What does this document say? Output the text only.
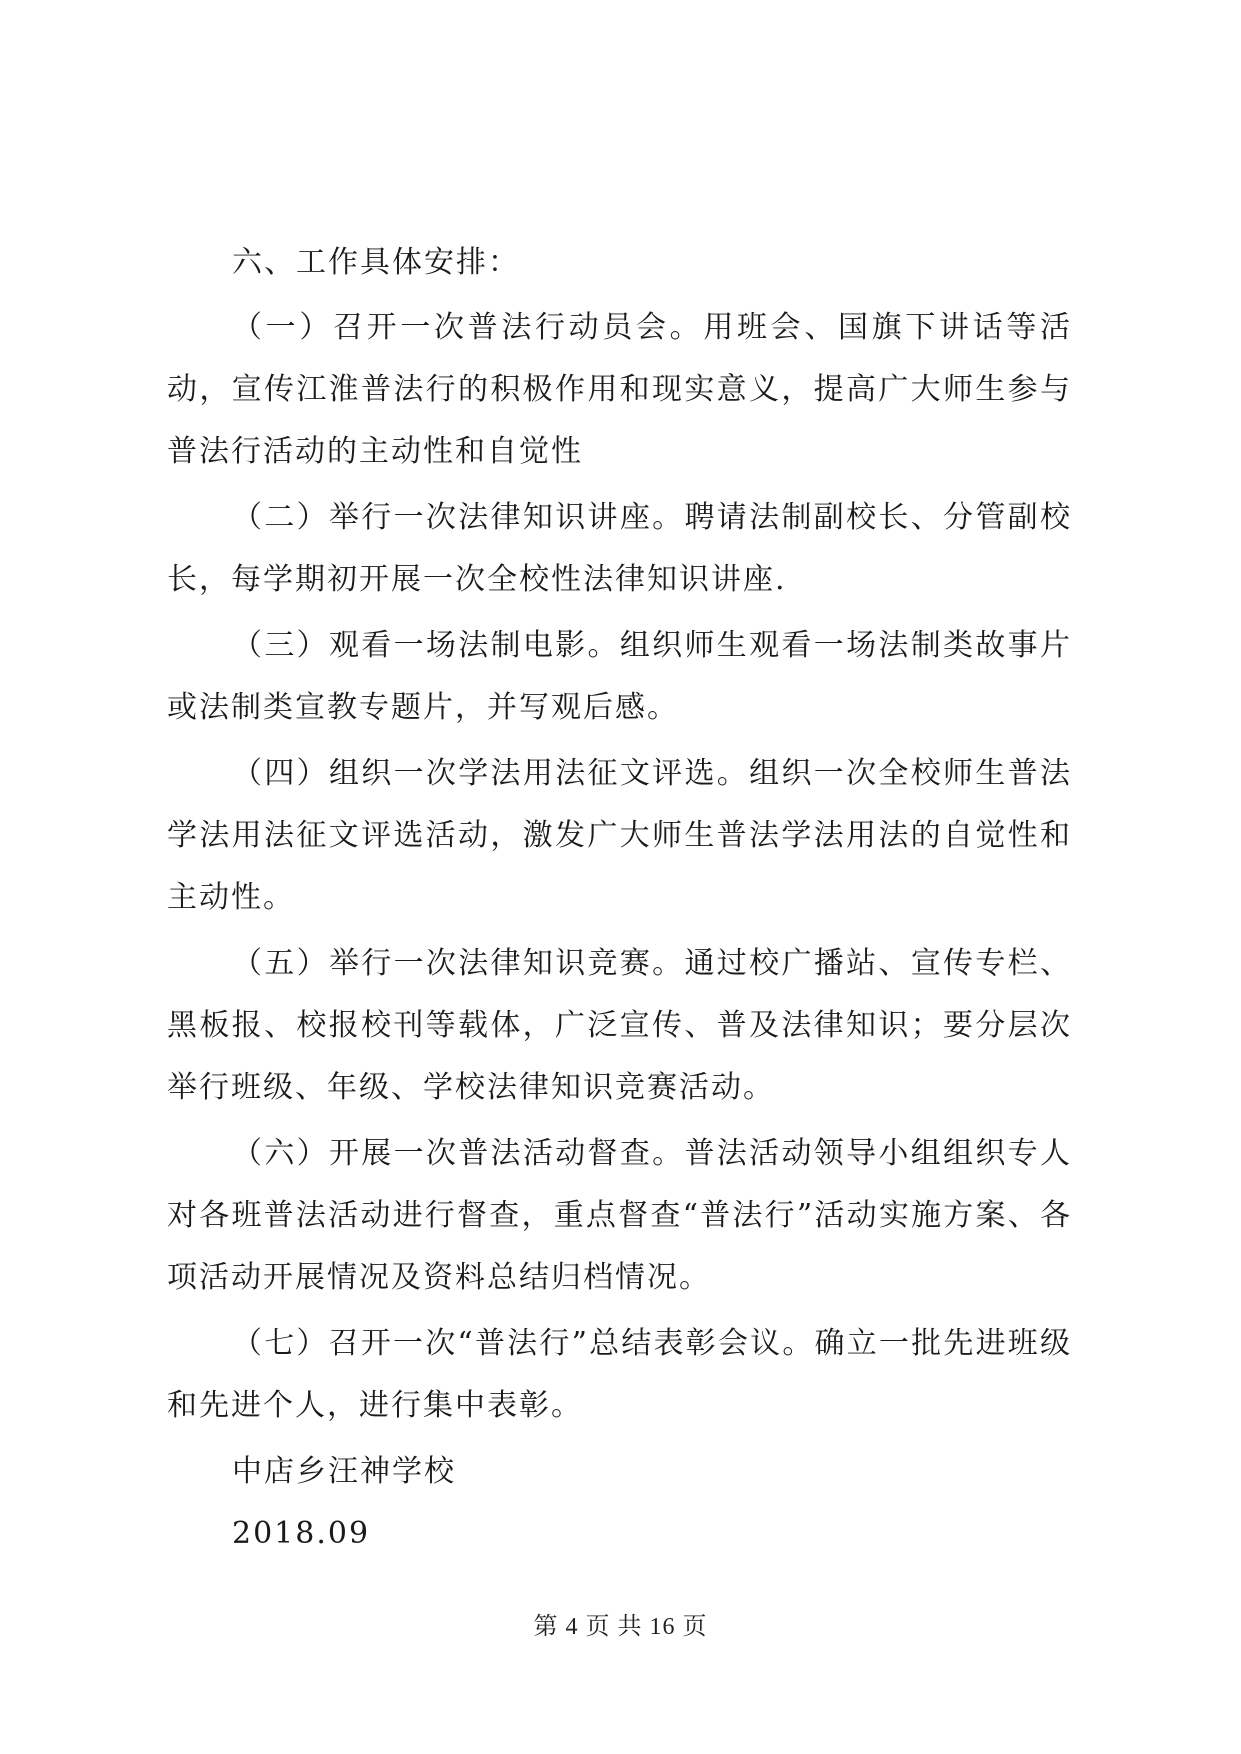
六、工作具体安排：

（一）召开一次普法行动员会。用班会、国旗下讲话等活动，宣传江淮普法行的积极作用和现实意义，提高广大师生参与普法行活动的主动性和自觉性

（二）举行一次法律知识讲座。聘请法制副校长、分管副校长，每学期初开展一次全校性法律知识讲座.

（三）观看一场法制电影。组织师生观看一场法制类故事片或法制类宣教专题片，并写观后感。

（四）组织一次学法用法征文评选。组织一次全校师生普法学法用法征文评选活动，激发广大师生普法学法用法的自觉性和主动性。

（五）举行一次法律知识竞赛。通过校广播站、宣传专栏、黑板报、校报校刊等载体，广泛宣传、普及法律知识；要分层次举行班级、年级、学校法律知识竞赛活动。

（六）开展一次普法活动督查。普法活动领导小组组织专人对各班普法活动进行督查，重点督查“普法行”活动实施方案、各项活动开展情况及资料总结归档情况。

（七）召开一次“普法行”总结表彰会议。确立一批先进班级和先进个人，进行集中表彰。

中店乡汪神学校

2018.09

第 4 页 共 16 页
